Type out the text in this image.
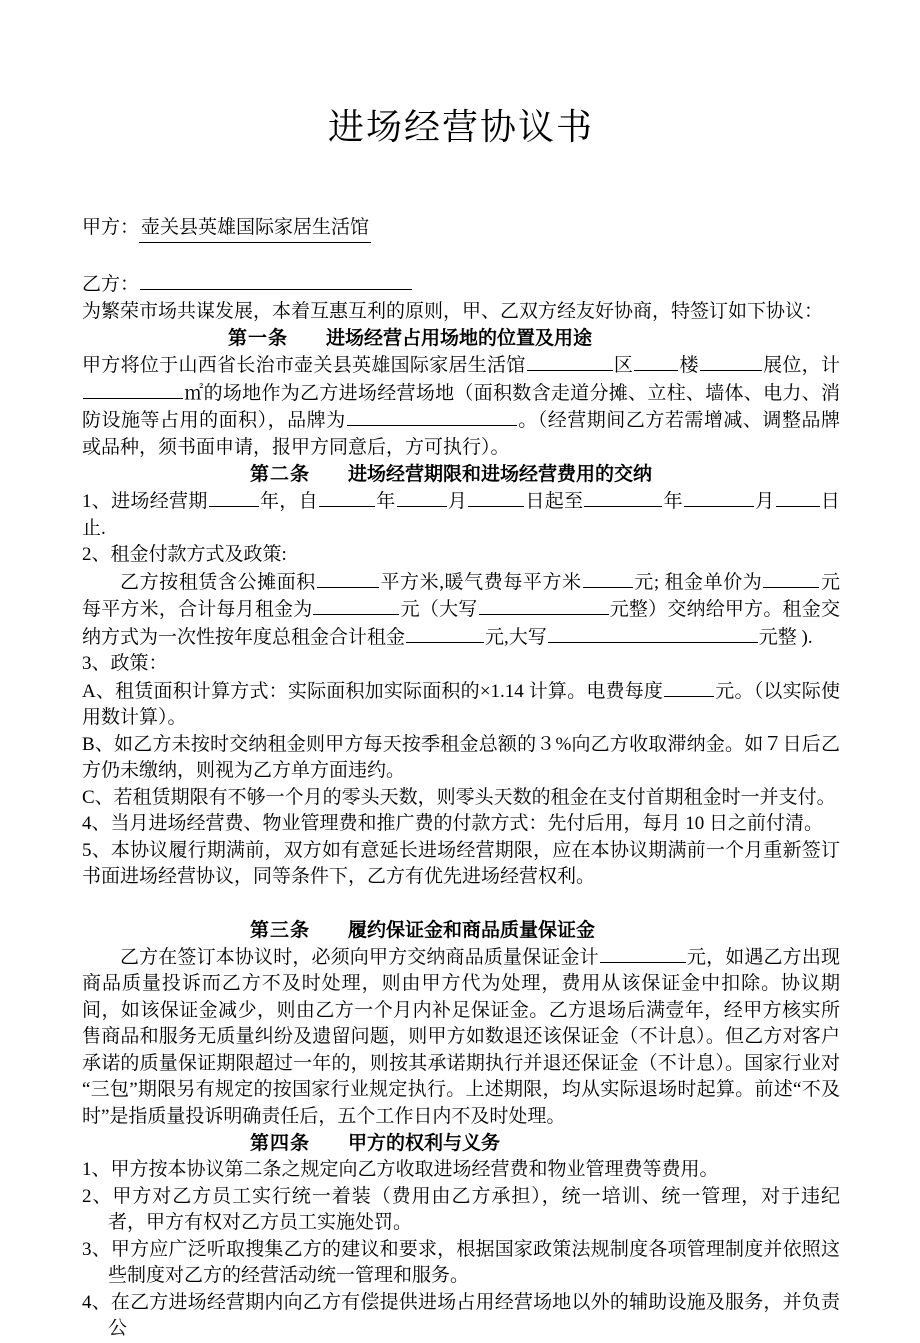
进场经营协议书
甲方： 壶关县英雄国际家居生活馆
乙方：

为繁荣市场共谋发展，本着互惠互利的原则，甲、乙双方经友好协商，特签订如下协议：

第一条 进场经营占用场地的位置及用途

甲方将位于山西省长治市壶关县英雄国际家居生活馆	区 楼	展位，计㎡的场地作为乙方进场经营场地（面积数含走道分摊、立柱、墙体、电力、消防设施等占用的面积），品牌为	。（经营期间乙方若需增减、调整品牌或品种，须书面申请，报甲方同意后，方可执行）。

第二条 进场经营期限和进场经营费用的交纳

1、进场经营期	年，自	年	月	日起至	年	月 日止.

2、租金付款方式及政策:

乙方按租赁含公摊面积	平方米,暖气费每平方米	元; 租金单价为	元每平方米，合计每月租金为	元（大写	元整）交纳给甲方。租金交纳方式为一次性按年度总租金合计租金	元,大写	元整 ).

3、政策：

A、租赁面积计算方式：实际面积加实际面积的×1.14 计算。电费每度	元。（以实际使用数计算）。

B、如乙方未按时交纳租金则甲方每天按季租金总额的３%向乙方收取滞纳金。如７日后乙方仍未缴纳，则视为乙方单方面违约。

C、若租赁期限有不够一个月的零头天数，则零头天数的租金在支付首期租金时一并支付。

4、当月进场经营费、物业管理费和推广费的付款方式：先付后用，每月 10 日之前付清。

5、本协议履行期满前，双方如有意延长进场经营期限，应在本协议期满前一个月重新签订书面进场经营协议，同等条件下，乙方有优先进场经营权利。

第三条 履约保证金和商品质量保证金

乙方在签订本协议时，必须向甲方交纳商品质量保证金计	元，如遇乙方出现商品质量投诉而乙方不及时处理，则由甲方代为处理，费用从该保证金中扣除。协议期间，如该保证金减少，则由乙方一个月内补足保证金。乙方退场后满壹年，经甲方核实所售商品和服务无质量纠纷及遗留问题，则甲方如数退还该保证金（不计息）。但乙方对客户承诺的质量保证期限超过一年的，则按其承诺期执行并退还保证金（不计息）。国家行业对“三包”期限另有规定的按国家行业规定执行。上述期限，均从实际退场时起算。前述“不及时”是指质量投诉明确责任后，五个工作日内不及时处理。

第四条 甲方的权利与义务

1、甲方按本协议第二条之规定向乙方收取进场经营费和物业管理费等费用。

2、甲方对乙方员工实行统一着装（费用由乙方承担），统一培训、统一管理，对于违纪者，甲方有权对乙方员工实施处罚。

3、甲方应广泛听取搜集乙方的建议和要求，根据国家政策法规制度各项管理制度并依照这些制度对乙方的经营活动统一管理和服务。

4、在乙方进场经营期内向乙方有偿提供进场占用经营场地以外的辅助设施及服务，并负责公
